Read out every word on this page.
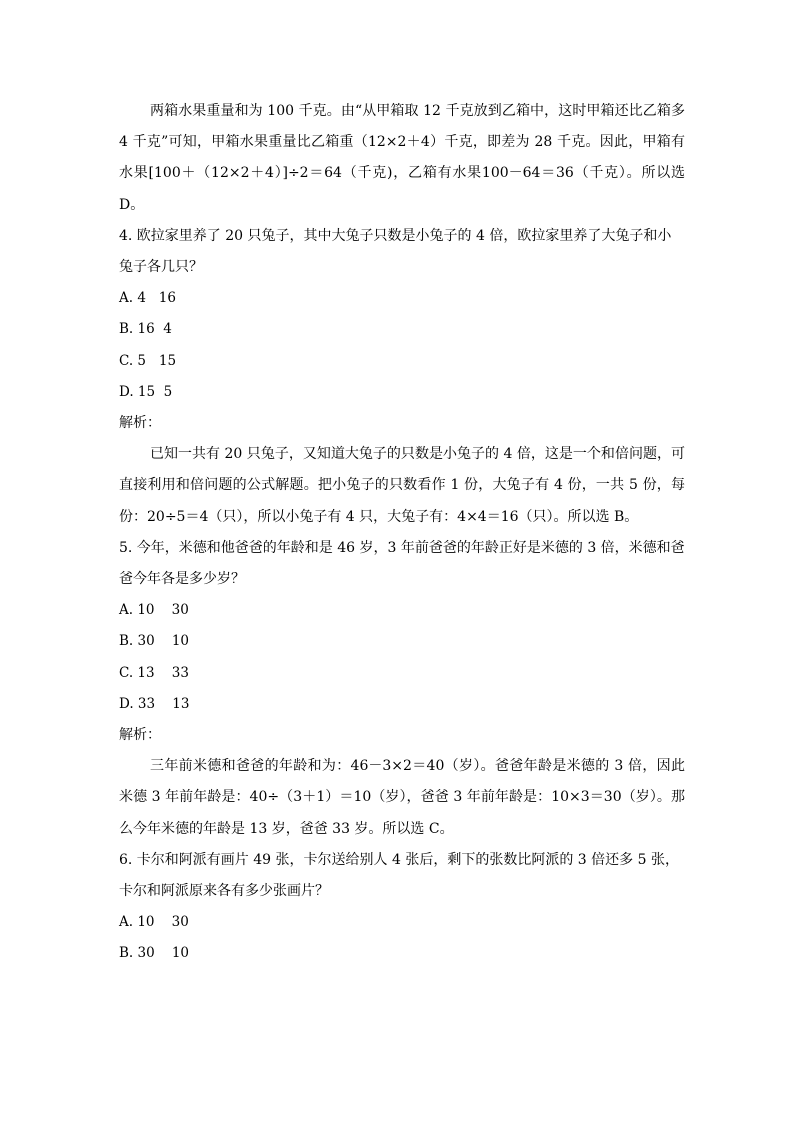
两箱水果重量和为 100 千克。由“从甲箱取 12 千克放到乙箱中，这时甲箱还比乙箱多 4 千克”可知，甲箱水果重量比乙箱重（12×2＋4）千克，即差为 28 千克。因此，甲箱有水果[100＋（12×2＋4）]÷2＝64（千克)，乙箱有水果100－64＝36（千克）。所以选 D。

4. 欧拉家里养了 20 只兔子，其中大兔子只数是小兔子的 4 倍，欧拉家里养了大兔子和小兔子各几只？

A. 4   16

B. 16  4

C. 5   15

D. 15  5

解析：

已知一共有 20 只兔子，又知道大兔子的只数是小兔子的 4 倍，这是一个和倍问题，可直接利用和倍问题的公式解题。把小兔子的只数看作 1 份，大兔子有 4 份，一共 5 份，每份：20÷5＝4（只），所以小兔子有 4 只，大兔子有：4×4＝16（只）。所以选 B。

5. 今年，米德和他爸爸的年龄和是 46 岁，3 年前爸爸的年龄正好是米德的 3 倍，米德和爸爸今年各是多少岁？

A. 10    30

B. 30    10

C. 13    33

D. 33    13

解析：

三年前米德和爸爸的年龄和为：46－3×2＝40（岁）。爸爸年龄是米德的 3 倍，因此米德 3 年前年龄是：40÷（3＋1）＝10（岁），爸爸 3 年前年龄是：10×3＝30（岁）。那么今年米德的年龄是 13 岁，爸爸 33 岁。所以选 C。

6. 卡尔和阿派有画片 49 张，卡尔送给别人 4 张后，剩下的张数比阿派的 3 倍还多 5 张，卡尔和阿派原来各有多少张画片？

A. 10    30

B. 30    10
